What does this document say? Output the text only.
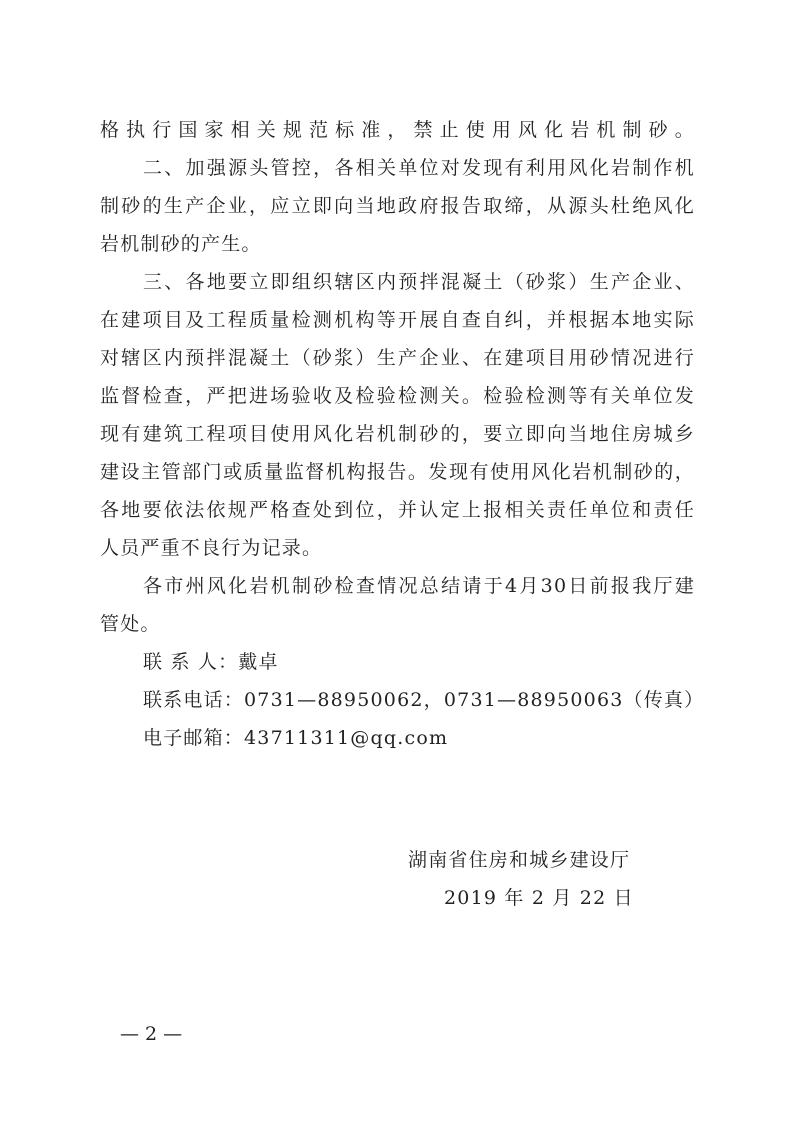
格执行国家相关规范标准，禁止使用风化岩机制砂。
二、加强源头管控，各相关单位对发现有利用风化岩制作机
制砂的生产企业，应立即向当地政府报告取缔，从源头杜绝风化
岩机制砂的产生。
三、各地要立即组织辖区内预拌混凝土（砂浆）生产企业、
在建项目及工程质量检测机构等开展自查自纠，并根据本地实际
对辖区内预拌混凝土（砂浆）生产企业、在建项目用砂情况进行
监督检查，严把进场验收及检验检测关。检验检测等有关单位发
现有建筑工程项目使用风化岩机制砂的，要立即向当地住房城乡
建设主管部门或质量监督机构报告。发现有使用风化岩机制砂的，
各地要依法依规严格查处到位，并认定上报相关责任单位和责任
人员严重不良行为记录。
各市州风化岩机制砂检查情况总结请于4月30日前报我厅建
管处。
联 系 人：戴卓
联系电话：0731—88950062，0731—88950063（传真）
电子邮箱：43711311@qq.com
湖南省住房和城乡建设厅
2019 年 2 月 22 日
— 2 —
